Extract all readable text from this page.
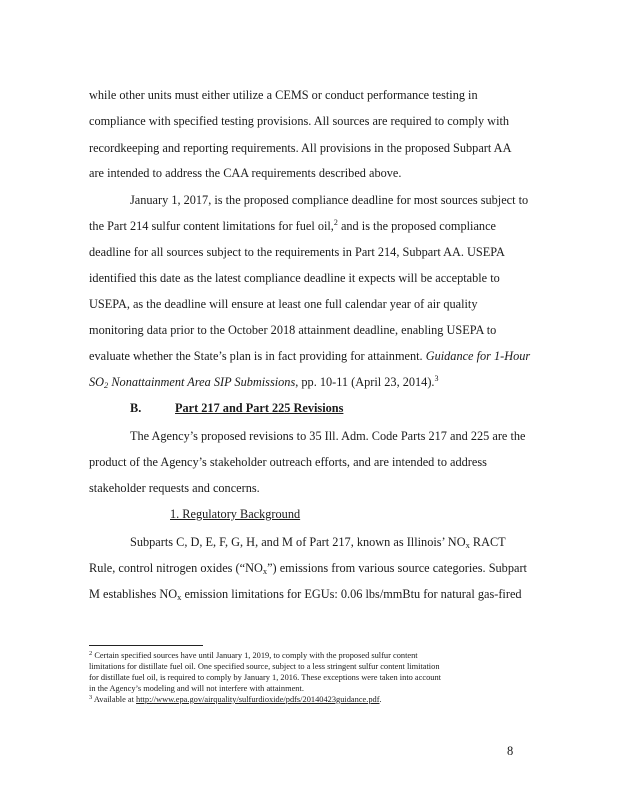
while other units must either utilize a CEMS or conduct performance testing in
compliance with specified testing provisions. All sources are required to comply with
recordkeeping and reporting requirements. All provisions in the proposed Subpart AA
are intended to address the CAA requirements described above.
January 1, 2017, is the proposed compliance deadline for most sources subject to
the Part 214 sulfur content limitations for fuel oil,$^2$ and is the proposed compliance
deadline for all sources subject to the requirements in Part 214, Subpart AA. USEPA
identified this date as the latest compliance deadline it expects will be acceptable to
USEPA, as the deadline will ensure at least one full calendar year of air quality
monitoring data prior to the October 2018 attainment deadline, enabling USEPA to
evaluate whether the State’s plan is in fact providing for attainment. Guidance for 1-Hour
$SO_2$ Nonattainment Area SIP Submissions, pp. 10-11 (April 23, 2014).$^3$
B.	Part 217 and Part 225 Revisions
The Agency’s proposed revisions to 35 Ill. Adm. Code Parts 217 and 225 are the
product of the Agency’s stakeholder outreach efforts, and are intended to address
stakeholder requests and concerns.
1. Regulatory Background
Subparts C, D, E, F, G, H, and M of Part 217, known as Illinois’ $NO_x$ RACT
Rule, control nitrogen oxides $(“NO_x”)$ emissions from various source categories. Subpart
M establishes $NO_x$ emission limitations for EGUs: 0.06 lbs/mmBtu for natural gas-fired
$^2$ Certain specified sources have until January 1, 2019, to comply with the proposed sulfur content
limitations for distillate fuel oil. One specified source, subject to a less stringent sulfur content limitation
for distillate fuel oil, is required to comply by January 1, 2016. These exceptions were taken into account
in the Agency’s modeling and will not interfere with attainment.
$^3$ Available at http://www.epa.gov/airquality/sulfurdioxide/pdfs/20140423guidance.pdf.
8
